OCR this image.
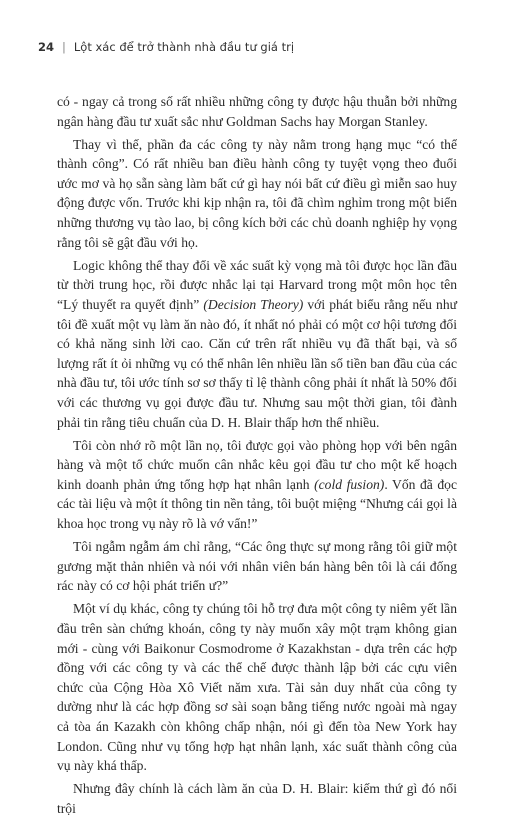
24 | Lột xác để trở thành nhà đầu tư giá trị

có - ngay cả trong số rất nhiều những công ty được hậu thuẫn bởi những ngân hàng đầu tư xuất sắc như Goldman Sachs hay Morgan Stanley.

Thay vì thế, phần đa các công ty này nằm trong hạng mục “có thể thành công”. Có rất nhiều ban điều hành công ty tuyệt vọng theo đuổi ước mơ và họ sẵn sàng làm bất cứ gì hay nói bất cứ điều gì miễn sao huy động được vốn. Trước khi kịp nhận ra, tôi đã chìm nghỉm trong một biển những thương vụ tào lao, bị công kích bởi các chủ doanh nghiệp hy vọng rằng tôi sẽ gật đầu với họ.

Logic không thể thay đổi về xác suất kỳ vọng mà tôi được học lần đầu từ thời trung học, rồi được nhắc lại tại Harvard trong một môn học tên “Lý thuyết ra quyết định” (Decision Theory) với phát biểu rằng nếu như tôi đề xuất một vụ làm ăn nào đó, ít nhất nó phải có một cơ hội tương đối có khả năng sinh lời cao. Căn cứ trên rất nhiều vụ đã thất bại, và số lượng rất ít ỏi những vụ có thể nhân lên nhiều lần số tiền ban đầu của các nhà đầu tư, tôi ước tính sơ sơ thấy tỉ lệ thành công phải ít nhất là 50% đối với các thương vụ gọi được đầu tư. Nhưng sau một thời gian, tôi đành phải tin rằng tiêu chuẩn của D. H. Blair thấp hơn thế nhiều.

Tôi còn nhớ rõ một lần nọ, tôi được gọi vào phòng họp với bên ngân hàng và một tổ chức muốn cân nhắc kêu gọi đầu tư cho một kế hoạch kinh doanh phản ứng tổng hợp hạt nhân lạnh (cold fusion). Vốn đã đọc các tài liệu và một ít thông tin nền tảng, tôi buột miệng “Nhưng cái gọi là khoa học trong vụ này rõ là vớ vẩn!”

Tôi ngẫm ngẫm ám chỉ rằng, “Các ông thực sự mong rằng tôi giữ một gương mặt thản nhiên và nói với nhân viên bán hàng bên tôi là cái đống rác này có cơ hội phát triển ư?”

Một ví dụ khác, công ty chúng tôi hỗ trợ đưa một công ty niêm yết lần đầu trên sàn chứng khoán, công ty này muốn xây một trạm không gian mới - cùng với Baikonur Cosmodrome ở Kazakhstan - dựa trên các hợp đồng với các công ty và các thể chế được thành lập bởi các cựu viên chức của Cộng Hòa Xô Viết năm xưa. Tài sản duy nhất của công ty dường như là các hợp đồng sơ sài soạn bằng tiếng nước ngoài mà ngay cả tòa án Kazakh còn không chấp nhận, nói gì đến tòa New York hay London. Cũng như vụ tổng hợp hạt nhân lạnh, xác suất thành công của vụ này khá thấp.

Nhưng đây chính là cách làm ăn của D. H. Blair: kiếm thứ gì đó nổi trội
